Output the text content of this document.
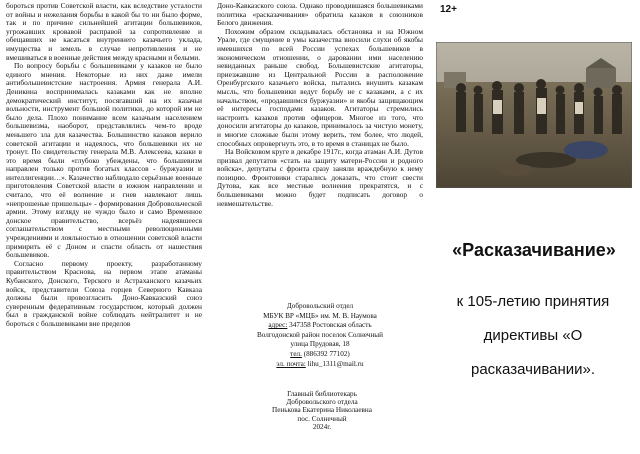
бороться против Советской власти, как вследствие усталости от войны и нежелания борьбы в какой бы то ни было форме, так и по причине сильнейшей агитации большевиков, угрожавших кровавой расправой за сопротивление и обещавших не касаться внутреннего казачьего уклада, имущества и земель в случае непротивления и не вмешиваться в военные действия между красными и белыми.

По вопросу борьбы с большевиками у казаков не было единого мнения. Некоторые из них даже имели антибольшевистские настроения. Армия генерала А.И. Деникина воспринималась казаками как не вполне демократический институт, посягавший на их казачьи вольности, инструмент большой политики, до которой им не было дела. Плохо понимание всем казачьим населением большевизма, наоборот, представлялись чем-то вроде меньшего зла для казачества. Большинство казаков верило советской агитации и надеялось, что большевики их не тронут. По свидетельству генерала М.В. Алексеева, казаки в это время были «глубоко убеждены, что большевизм направлен только против богатых классов - буржуазии и интеллигенции…». Казачество наблюдало серьёзные военные приготовления Советской власти в южном направлении и считало, что её волнение и гнев навлекают лишь «непрошеные пришельцы» - формирования Добровольческой армии. Этому взгляду не чуждо было и само Временное донское правительство, всерьёз надеявшееся соглашательством с местными революционными учреждениями и лояльностью в отношении советской власти примирить её с Доном и спасти область от нашествия большевиков.

Согласно первому проекту, разработанному правительством Краснова, на первом этапе атаманы Кубанского, Донского, Терского и Астраханского казачьих войск, представители Союза горцев Северного Кавказа должны были провозгласить Доно-Кавказский союз суверенным федеративным государством, который должен был в гражданской войне соблюдать нейтралитет и не бороться с большевиками вне пределов

Доно-Кавказского союза. Однако проводившаяся большевиками политика «расказачивания» обратила казаков в союзников Белого движения.

Похожим образом складывалась обстановка и на Южном Урале, где смущение в умы казачества вносили слухи об якобы имевшихся по всей России успехах большевиков в экономическом отношении, о даровании ими населению невиданных раньше свобод. Большевистские агитаторы, приезжавшие из Центральной России в расположение Оренбургского казачьего войска, пытались внушить казакам мысль, что большевики ведут борьбу не с казаками, а с их начальством, «продавшимся буржуазии» и якобы защищающим её интересы господами казаков. Агитаторы стремились настроить казаков против офицеров. Многое из того, что доносили агитаторы до казаков, принималось за чистую монету, и многие сложные были этому верить, тем более, что людей, способных опровергнуть это, в то время в станицах не было.

На Войсковом круге в декабре 1917г., когда атаман А.И. Дутов призвал депутатов «стать на защиту матери-России и родного войска», депутаты с фронта сразу заняли враждебную к нему позицию. Фронтовики старались доказать, что стоит свести Дутова, как все местные волнения прекратятся, и с большевиками можно будет подписать договор о невмешательстве.

Добровольский отдел
МБУК ВР «МЦБ» им. М. В. Наумова
адрес: 347358 Ростовская область
Волгодонской район поселок Солнечный
улица Прудовая, 18
тел. (886392 77102)
эл. почта: lihu_1311@mail.ru
Главный библиотекарь
Добровольского отдела
Пенькова Екатерина Николаевна
пос. Солнечный
2024г.
12+
«Расказачивание»
к 105-летию принятия
директивы «О
расказачивании».
